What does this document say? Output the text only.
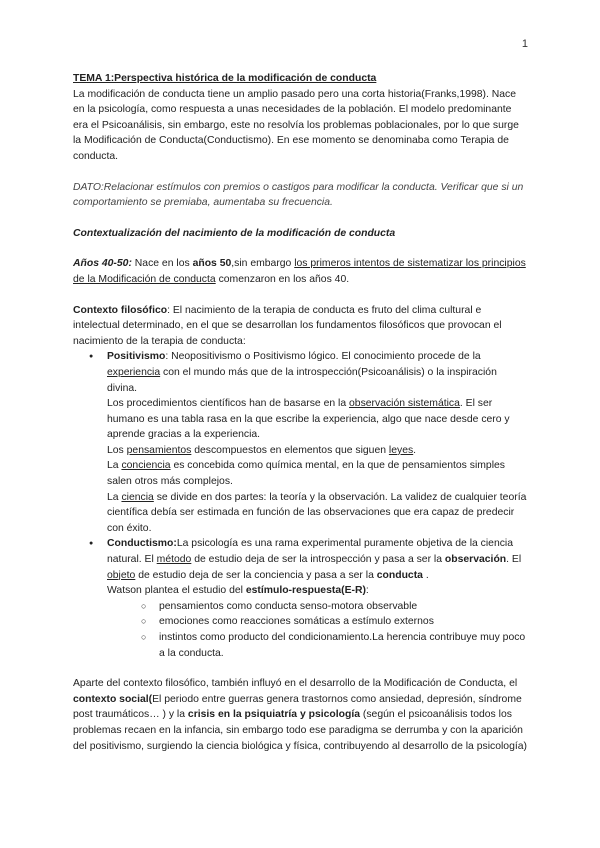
1

TEMA 1:Perspectiva histórica de la modificación de conducta

La modificación de conducta tiene un amplio pasado pero una corta historia(Franks,1998). Nace en la psicología, como respuesta a unas necesidades de la población. El modelo predominante era el Psicoanálisis, sin embargo, este no resolvía los problemas poblacionales, por lo que surge la Modificación de Conducta(Conductismo). En ese momento se denominaba como Terapia de conducta.

DATO:Relacionar estímulos con premios o castigos para modificar la conducta. Verificar que si un comportamiento se premiaba, aumentaba su frecuencia.

Contextualización del nacimiento de la modificación de conducta

Años 40-50: Nace en los años 50,sin embargo los primeros intentos de sistematizar los principios de la Modificación de conducta comenzaron en los años 40.

Contexto filosófico: El nacimiento de la terapia de conducta es fruto del clima cultural e intelectual determinado, en el que se desarrollan los fundamentos filosóficos que provocan el nacimiento de la terapia de conducta:

● Positivismo: Neopositivismo o Positivismo lógico. El conocimiento procede de la experiencia con el mundo más que de la introspección(Psicoanálisis) o la inspiración divina.

Los procedimientos científicos han de basarse en la observación sistemática. El ser humano es una tabla rasa en la que escribe la experiencia, algo que nace desde cero y aprende gracias a la experiencia.

Los pensamientos descompuestos en elementos que siguen leyes.

La conciencia es concebida como química mental, en la que de pensamientos simples salen otros más complejos.

La ciencia se divide en dos partes: la teoría y la observación. La validez de cualquier teoría científica debía ser estimada en función de las observaciones que era capaz de predecir con éxito.

● Conductismo:La psicología es una rama experimental puramente objetiva de la ciencia natural. El método de estudio deja de ser la introspección y pasa a ser la observación. El objeto de estudio deja de ser la conciencia y pasa a ser la conducta .

Watson plantea el estudio del estímulo-respuesta(E-R):

○ pensamientos como conducta senso-motora observable
○ emociones como reacciones somáticas a estímulo externos
○ instintos como producto del condicionamiento.La herencia contribuye muy poco a la conducta.

Aparte del contexto filosófico, también influyó en el desarrollo de la Modificación de Conducta, el contexto social(El periodo entre guerras genera trastornos como ansiedad, depresión, síndrome post traumáticos… ) y la crisis en la psiquiatría y psicología (según el psicoanálisis todos los problemas recaen en la infancia, sin embargo todo ese paradigma se derrumba y con la aparición del positivismo, surgiendo la ciencia biológica y física, contribuyendo al desarrollo de la psicología)
